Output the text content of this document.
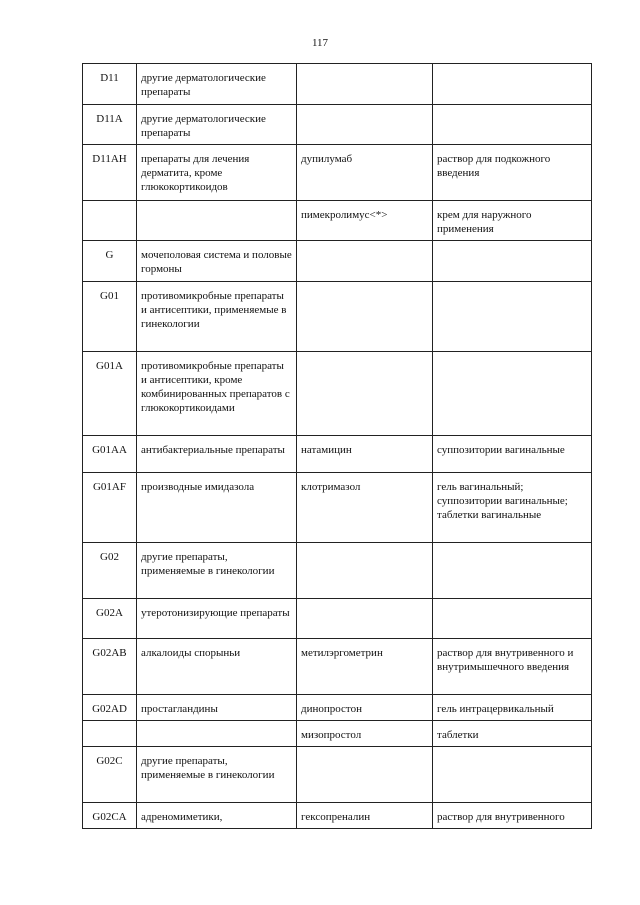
117
D11	другие дерматологические препараты		
D11A	другие дерматологические препараты		
D11AH	препараты для лечения дерматита, кроме глюкокортикоидов	дупилумаб	раствор для подкожного введения
		пимекролимус<*>	крем для наружного применения
G	мочеполовая система и половые гормоны		
G01	противомикробные препараты и антисептики, применяемые в гинекологии		
G01A	противомикробные препараты и антисептики, кроме комбинированных препаратов с глюкокортикоидами		
G01AA	антибактериальные препараты	натамицин	суппозитории вагинальные
G01AF	производные имидазола	клотримазол	гель вагинальный; суппозитории вагинальные; таблетки вагинальные
G02	другие препараты, применяемые в гинекологии		
G02A	утеротонизирующие препараты		
G02AB	алкалоиды спорыньи	метилэргометрин	раствор для внутривенного и внутримышечного введения
G02AD	простагландины	динопростон	гель интрацервикальный
		мизопростол	таблетки
G02C	другие препараты, применяемые в гинекологии		
G02CA	адреномиметики,	гексопреналин	раствор для внутривенного
